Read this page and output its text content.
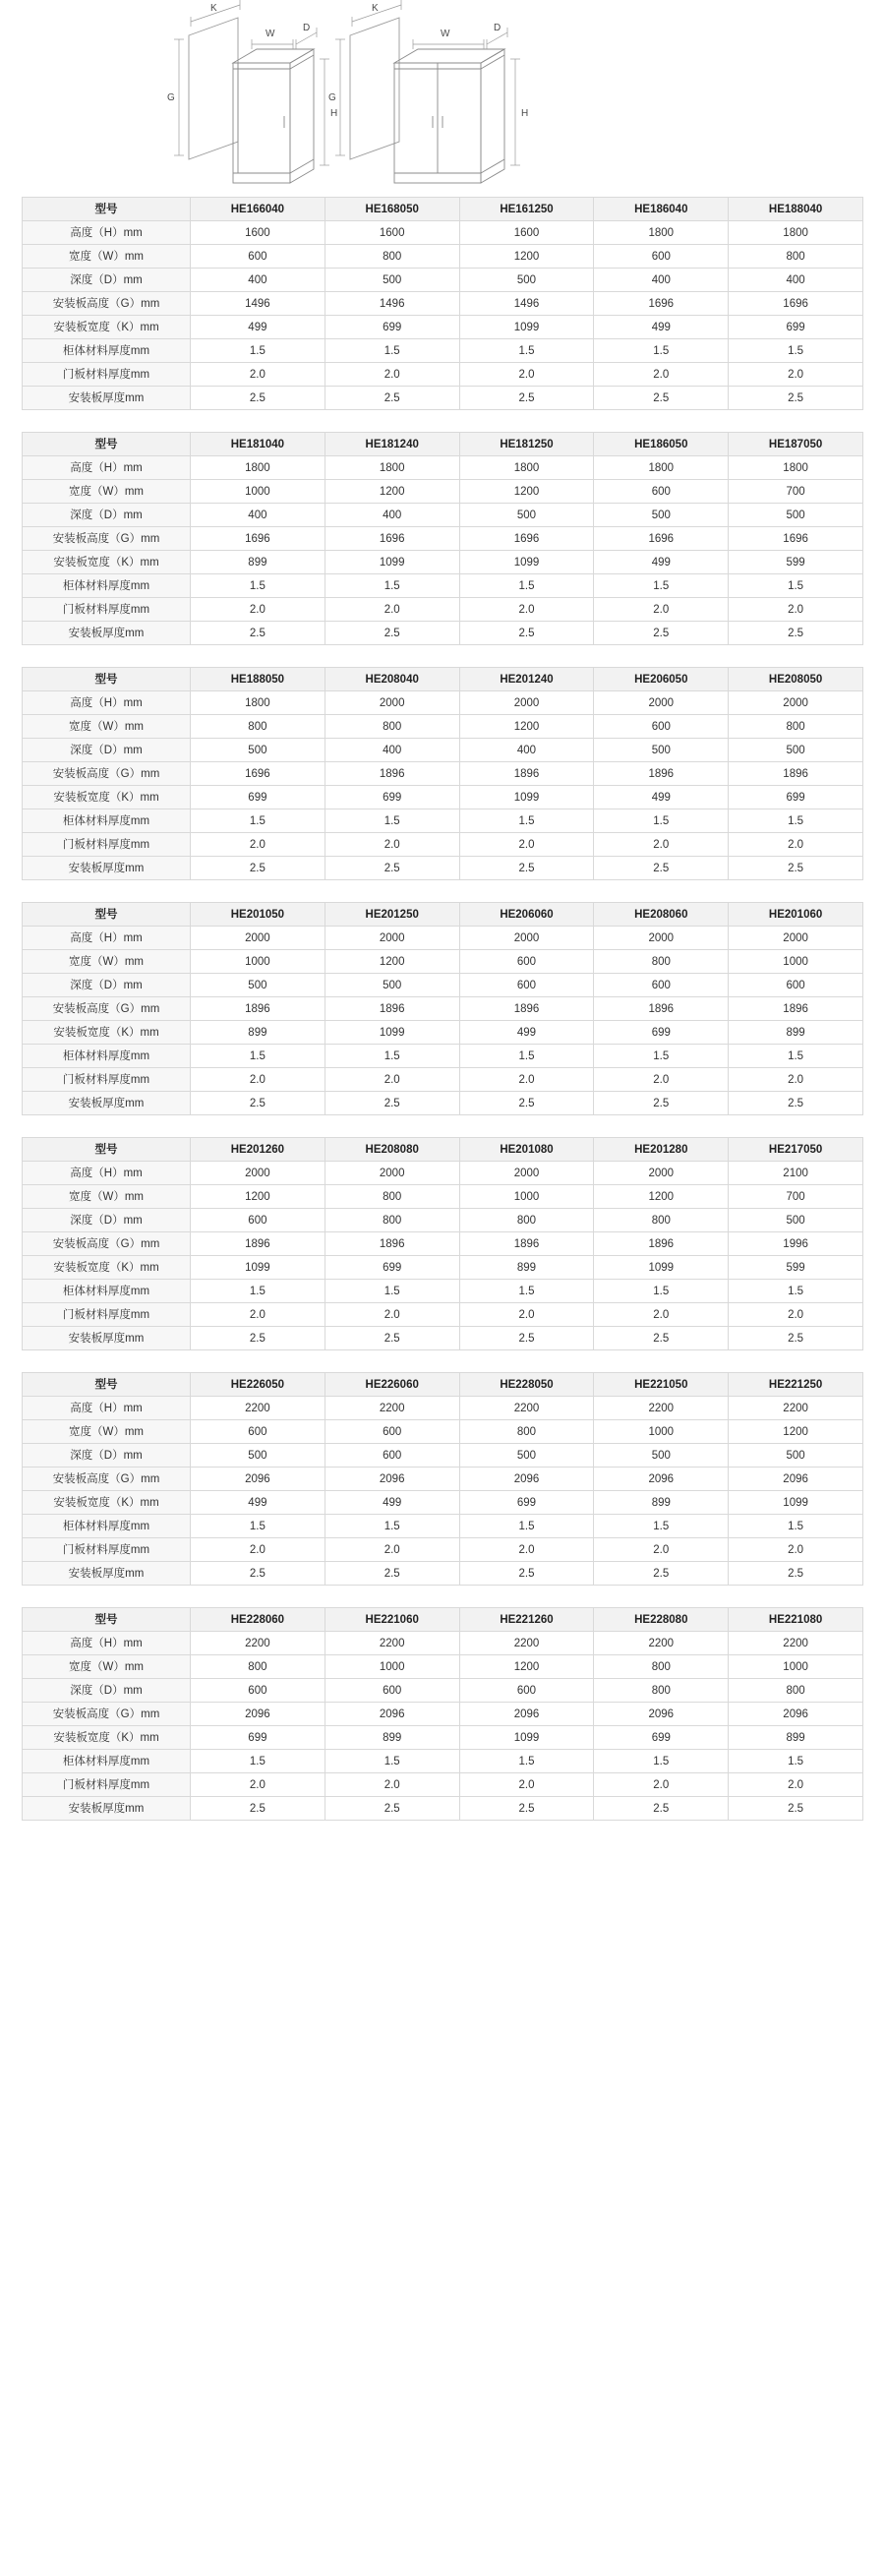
K
G
W
D
H
K
G
W
D
H
型号	HE166040	HE168050	HE161250	HE186040	HE188040
高度（H）mm	1600	1600	1600	1800	1800
宽度（W）mm	600	800	1200	600	800
深度（D）mm	400	500	500	400	400
安装板高度（G）mm	1496	1496	1496	1696	1696
安装板宽度（K）mm	499	699	1099	499	699
柜体材料厚度mm	1.5	1.5	1.5	1.5	1.5
门板材料厚度mm	2.0	2.0	2.0	2.0	2.0
安装板厚度mm	2.5	2.5	2.5	2.5	2.5
型号	HE181040	HE181240	HE181250	HE186050	HE187050
高度（H）mm	1800	1800	1800	1800	1800
宽度（W）mm	1000	1200	1200	600	700
深度（D）mm	400	400	500	500	500
安装板高度（G）mm	1696	1696	1696	1696	1696
安装板宽度（K）mm	899	1099	1099	499	599
柜体材料厚度mm	1.5	1.5	1.5	1.5	1.5
门板材料厚度mm	2.0	2.0	2.0	2.0	2.0
安装板厚度mm	2.5	2.5	2.5	2.5	2.5
型号	HE188050	HE208040	HE201240	HE206050	HE208050
高度（H）mm	1800	2000	2000	2000	2000
宽度（W）mm	800	800	1200	600	800
深度（D）mm	500	400	400	500	500
安装板高度（G）mm	1696	1896	1896	1896	1896
安装板宽度（K）mm	699	699	1099	499	699
柜体材料厚度mm	1.5	1.5	1.5	1.5	1.5
门板材料厚度mm	2.0	2.0	2.0	2.0	2.0
安装板厚度mm	2.5	2.5	2.5	2.5	2.5
型号	HE201050	HE201250	HE206060	HE208060	HE201060
高度（H）mm	2000	2000	2000	2000	2000
宽度（W）mm	1000	1200	600	800	1000
深度（D）mm	500	500	600	600	600
安装板高度（G）mm	1896	1896	1896	1896	1896
安装板宽度（K）mm	899	1099	499	699	899
柜体材料厚度mm	1.5	1.5	1.5	1.5	1.5
门板材料厚度mm	2.0	2.0	2.0	2.0	2.0
安装板厚度mm	2.5	2.5	2.5	2.5	2.5
型号	HE201260	HE208080	HE201080	HE201280	HE217050
高度（H）mm	2000	2000	2000	2000	2100
宽度（W）mm	1200	800	1000	1200	700
深度（D）mm	600	800	800	800	500
安装板高度（G）mm	1896	1896	1896	1896	1996
安装板宽度（K）mm	1099	699	899	1099	599
柜体材料厚度mm	1.5	1.5	1.5	1.5	1.5
门板材料厚度mm	2.0	2.0	2.0	2.0	2.0
安装板厚度mm	2.5	2.5	2.5	2.5	2.5
型号	HE226050	HE226060	HE228050	HE221050	HE221250
高度（H）mm	2200	2200	2200	2200	2200
宽度（W）mm	600	600	800	1000	1200
深度（D）mm	500	600	500	500	500
安装板高度（G）mm	2096	2096	2096	2096	2096
安装板宽度（K）mm	499	499	699	899	1099
柜体材料厚度mm	1.5	1.5	1.5	1.5	1.5
门板材料厚度mm	2.0	2.0	2.0	2.0	2.0
安装板厚度mm	2.5	2.5	2.5	2.5	2.5
型号	HE228060	HE221060	HE221260	HE228080	HE221080
高度（H）mm	2200	2200	2200	2200	2200
宽度（W）mm	800	1000	1200	800	1000
深度（D）mm	600	600	600	800	800
安装板高度（G）mm	2096	2096	2096	2096	2096
安装板宽度（K）mm	699	899	1099	699	899
柜体材料厚度mm	1.5	1.5	1.5	1.5	1.5
门板材料厚度mm	2.0	2.0	2.0	2.0	2.0
安装板厚度mm	2.5	2.5	2.5	2.5	2.5
